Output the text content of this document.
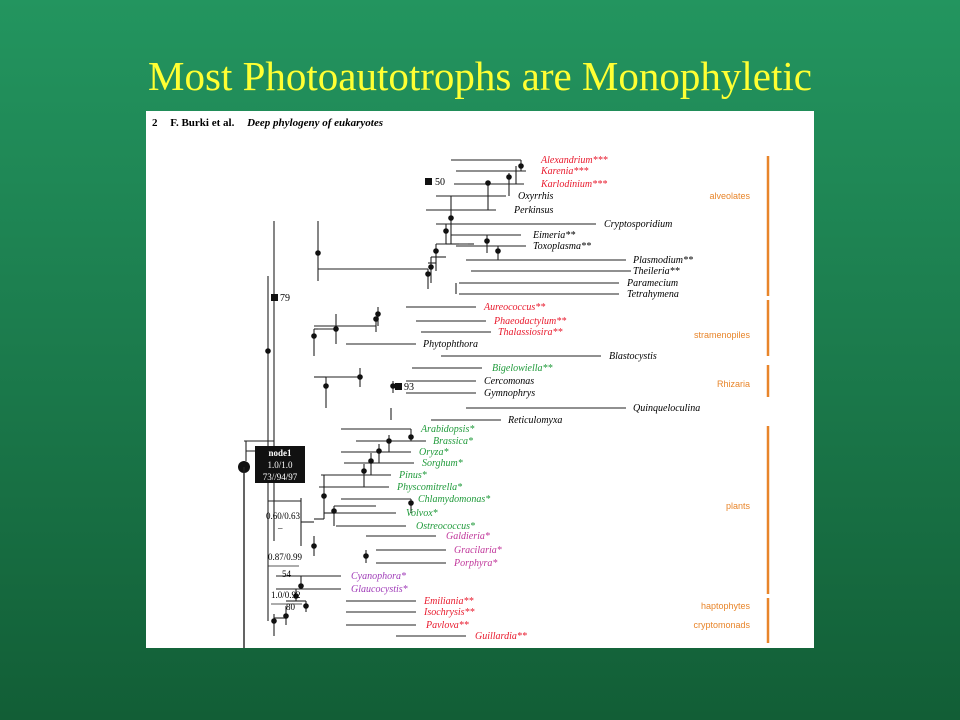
Most Photoautotrophs are Monophyletic
2 F. Burki et al. Deep phylogeny of eukaryotes
Alexandrium***
Karenia***
Karlodinium***
Oxyrrhis
Perkinsus
Cryptosporidium
Eimeria**
Toxoplasma**
Plasmodium**
Theileria**
Paramecium
Tetrahymena
Aureococcus**
Phaeodactylum**
Thalassiosira**
Phytophthora
Blastocystis
Bigelowiella**
Cercomonas
Gymnophrys
Quinqueloculina
Reticulomyxa
Arabidopsis*
Brassica*
Oryza*
Sorghum*
Pinus*
Physcomitrella*
Chlamydomonas*
Volvox*
Ostreococcus*
Galdieria*
Gracilaria*
Porphyra*
Cyanophora*
Glaucocystis*
Emiliania**
Isochrysis**
Pavlova**
Guillardia**
50
79
93
node1
1.0/1.0
73//94/97
0.60/0.63
–
0.87/0.99
54
1.0/0.92
80
alveolates
stramenopiles
Rhizaria
plants
haptophytes
cryptomonads
